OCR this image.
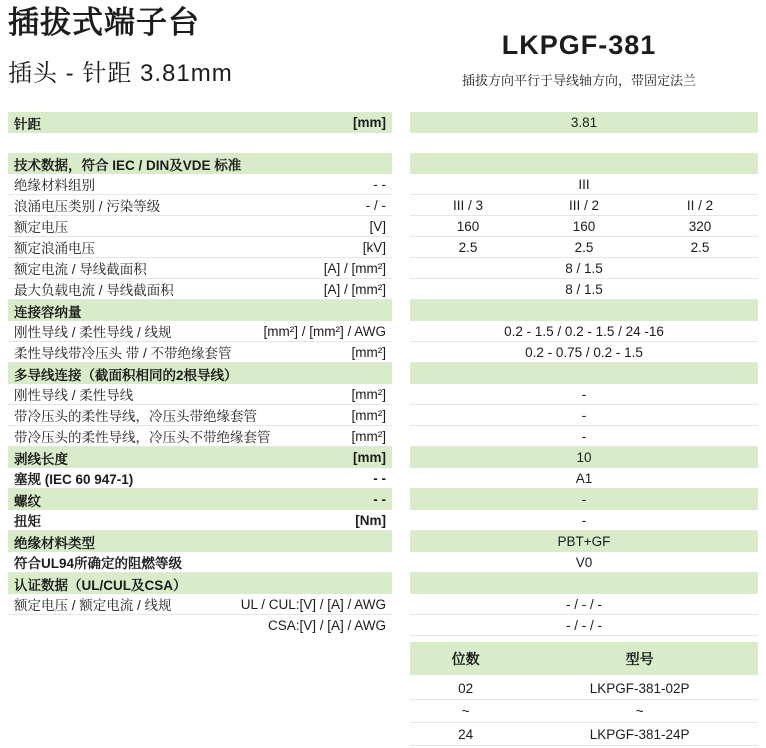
插拔式端子台
插头 - 针距 3.81mm
LKPGF-381
插拔方向平行于导线轴方向，带固定法兰
针距	[mm]	3.81
技术数据，符合 IEC / DIN及VDE 标准
绝缘材料组别	- -	III
浪涌电压类别 / 污染等级	- / -	III / 3	III / 2	II / 2
额定电压	[V]	160	160	320
额定浪涌电压	[kV]	2.5	2.5	2.5
额定电流 / 导线截面积	[A] / [mm²]	8 / 1.5
最大负载电流 / 导线截面积	[A] / [mm²]	8 / 1.5
连接容纳量
刚性导线 / 柔性导线 / 线规	[mm²] / [mm²] / AWG	0.2 - 1.5 / 0.2 - 1.5 / 24 -16
柔性导线带冷压头 带 / 不带绝缘套管	[mm²]	0.2 - 0.75 / 0.2 - 1.5
多导线连接（截面积相同的2根导线）
刚性导线 / 柔性导线	[mm²]	-
带冷压头的柔性导线，冷压头带绝缘套管	[mm²]	-
带冷压头的柔性导线，冷压头不带绝缘套管	[mm²]	-
剥线长度	[mm]	10
塞规 (IEC 60 947-1)	- -	A1
螺纹	- -	-
扭矩	[Nm]	-
绝缘材料类型	PBT+GF
符合UL94所确定的阻燃等级	V0
认证数据（UL/CUL及CSA）
额定电压 / 额定电流 / 线规	UL / CUL:[V] / [A] / AWG	- / - / -
CSA:[V] / [A] / AWG	- / - / -
位数	型号
02	LKPGF-381-02P
~	~
24	LKPGF-381-24P
